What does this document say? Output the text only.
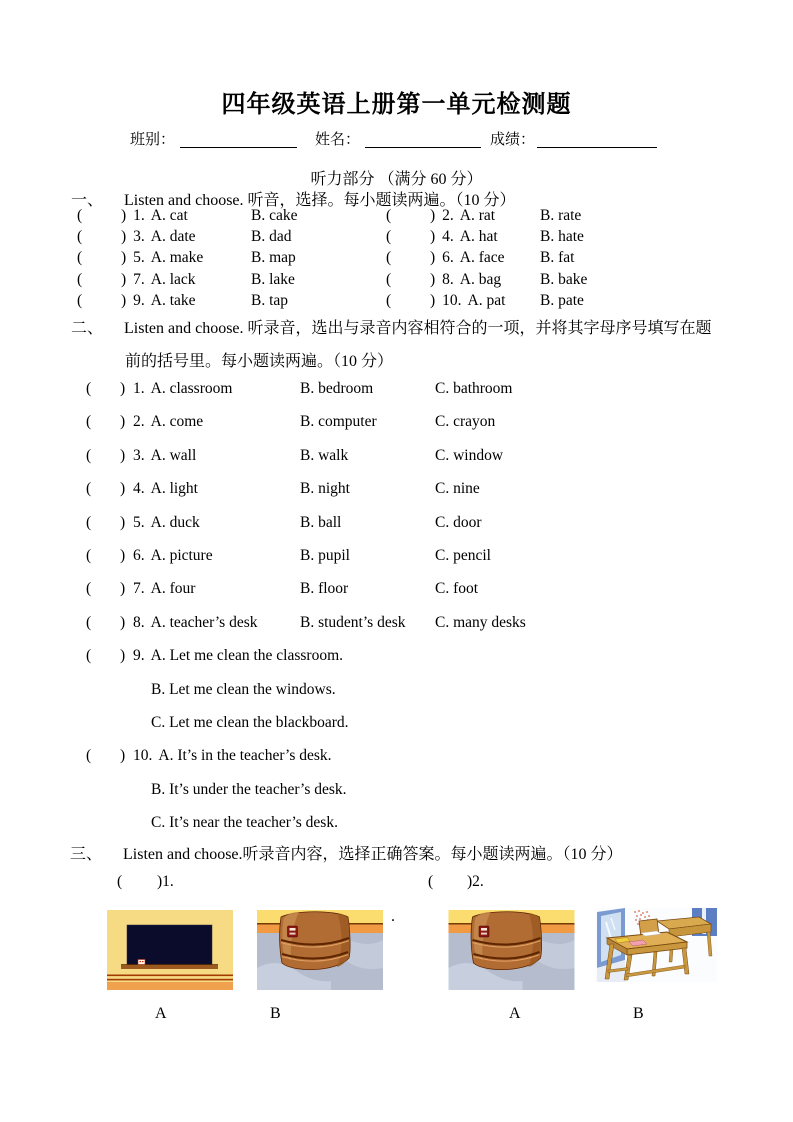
四年级英语上册第一单元检测题
班别：	姓名：	成绩：
听力部分 （满分 60 分）
一、 Listen and choose. 听音，选择。每小题读两遍。（10 分）
(	) 1. A. cat	B. cake	(	) 2. A. rat	B. rate
(	) 3. A. date	B. dad	(	) 4. A. hat	B. hate
(	) 5. A. make	B. map	(	) 6. A. face B. fat
(	) 7. A. lack	B. lake	(	) 8. A. bag	B. bake
(	) 9. A. take	B. tap	(	) 10. A. pat B. pate
二、 Listen and choose. 听录音，选出与录音内容相符合的一项，并将其字母序号填写在题
前的括号里。每小题读两遍。（10 分）
( ) 1. A. classroom	B. bedroom	C. bathroom
( ) 2. A. come	B. computer	C. crayon
( ) 3. A. wall	B. walk	C. window
( ) 4. A. light	B. night	C. nine
( ) 5. A. duck	B. ball	C. door
( ) 6. A. picture	B. pupil	C. pencil
( ) 7. A. four	B. floor	C. foot
( ) 8. A. teacher’s desk	B. student’s desk C. many desks
( ) 9. A. Let me clean the classroom.
B. Let me clean the windows.
C. Let me clean the blackboard.
( ) 10. A. It’s in the teacher’s desk.
B. It’s under the teacher’s desk.
C. It’s near the teacher’s desk.
三、 Listen and choose.听录音内容，选择正确答案。每小题读两遍。（10 分）
( )1.	( )2.
.
A	B	A	B
